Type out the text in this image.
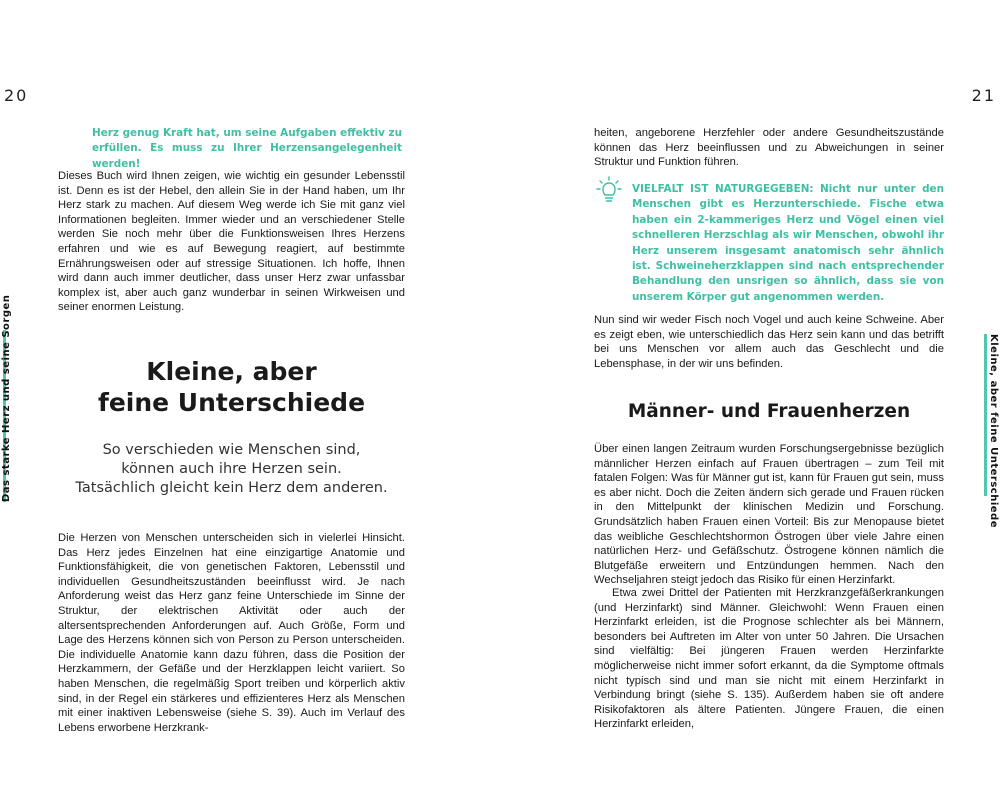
20	21
Das starke Herz und seine Sorgen	Kleine, aber feine Unterschiede

Herz genug Kraft hat, um seine Aufgaben effektiv zu erfüllen. Es muss zu Ihrer Herzensangelegenheit werden!

Dieses Buch wird Ihnen zeigen, wie wichtig ein gesunder Lebensstil ist. Denn es ist der Hebel, den allein Sie in der Hand haben, um Ihr Herz stark zu machen. Auf diesem Weg werde ich Sie mit ganz viel Informationen begleiten. Immer wieder und an verschiedener Stelle werden Sie noch mehr über die Funktionsweisen Ihres Herzens erfahren und wie es auf Bewegung reagiert, auf bestimmte Ernährungsweisen oder auf stressige Situationen. Ich hoffe, Ihnen wird dann auch immer deutlicher, dass unser Herz zwar unfassbar komplex ist, aber auch ganz wunderbar in seinen Wirkweisen und seiner enormen Leistung.

Kleine, aber
feine Unterschiede
So verschieden wie Menschen sind,
können auch ihre Herzen sein.
Tatsächlich gleicht kein Herz dem anderen.

Die Herzen von Menschen unterscheiden sich in vielerlei Hinsicht. Das Herz jedes Einzelnen hat eine einzigartige Anatomie und Funktionsfähigkeit, die von genetischen Faktoren, Lebensstil und individuellen Gesundheitszuständen beeinflusst wird. Je nach Anforderung weist das Herz ganz feine Unterschiede im Sinne der Struktur, der elektrischen Aktivität oder auch der altersentsprechenden Anforderungen auf. Auch Größe, Form und Lage des Herzens können sich von Person zu Person unterscheiden. Die individuelle Anatomie kann dazu führen, dass die Position der Herzkammern, der Gefäße und der Herzklappen leicht variiert. So haben Menschen, die regelmäßig Sport treiben und körperlich aktiv sind, in der Regel ein stärkeres und effizienteres Herz als Menschen mit einer inaktiven Lebensweise (siehe S. 39). Auch im Verlauf des Lebens erworbene Herzkrank-

heiten, angeborene Herzfehler oder andere Gesundheitszustände können das Herz beeinflussen und zu Abweichungen in seiner Struktur und Funktion führen.

VIELFALT IST NATURGEGEBEN: Nicht nur unter den Menschen gibt es Herzunterschiede. Fische etwa haben ein 2-kammeriges Herz und Vögel einen viel schnelleren Herzschlag als wir Menschen, obwohl ihr Herz unserem insgesamt anatomisch sehr ähnlich ist. Schweineherzklappen sind nach entsprechender Behandlung den unsrigen so ähnlich, dass sie von unserem Körper gut angenommen werden.

Nun sind wir weder Fisch noch Vogel und auch keine Schweine. Aber es zeigt eben, wie unterschiedlich das Herz sein kann und das betrifft bei uns Menschen vor allem auch das Geschlecht und die Lebensphase, in der wir uns befinden.

Männer- und Frauenherzen

Über einen langen Zeitraum wurden Forschungsergebnisse bezüglich männlicher Herzen einfach auf Frauen übertragen – zum Teil mit fatalen Folgen: Was für Männer gut ist, kann für Frauen gut sein, muss es aber nicht. Doch die Zeiten ändern sich gerade und Frauen rücken in den Mittelpunkt der klinischen Medizin und Forschung. Grundsätzlich haben Frauen einen Vorteil: Bis zur Menopause bietet das weibliche Geschlechtshormon Östrogen über viele Jahre einen natürlichen Herz- und Gefäßschutz. Östrogene können nämlich die Blutgefäße erweitern und Entzündungen hemmen. Nach den Wechseljahren steigt jedoch das Risiko für einen Herzinfarkt.

Etwa zwei Drittel der Patienten mit Herzkranzgefäßerkrankungen (und Herzinfarkt) sind Männer. Gleichwohl: Wenn Frauen einen Herzinfarkt erleiden, ist die Prognose schlechter als bei Männern, besonders bei Auftreten im Alter von unter 50 Jahren. Die Ursachen sind vielfältig: Bei jüngeren Frauen werden Herzinfarkte möglicherweise nicht immer sofort erkannt, da die Symptome oftmals nicht typisch sind und man sie nicht mit einem Herzinfarkt in Verbindung bringt (siehe S. 135). Außerdem haben sie oft andere Risikofaktoren als ältere Patienten. Jüngere Frauen, die einen Herzinfarkt erleiden,
